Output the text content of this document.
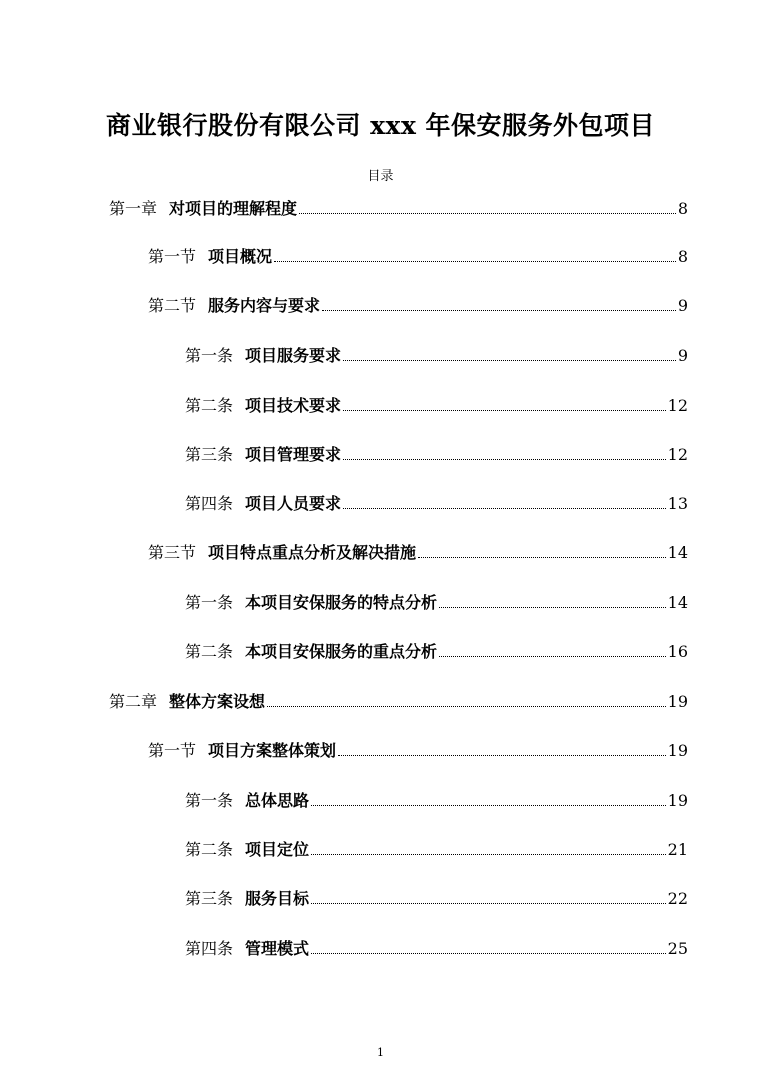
商业银行股份有限公司 xxx 年保安服务外包项目
目录
第一章 对项目的理解程度	8
第一节 项目概况	8
第二节 服务内容与要求	9
第一条 项目服务要求	9
第二条 项目技术要求	12
第三条 项目管理要求	12
第四条 项目人员要求	13
第三节 项目特点重点分析及解决措施	14
第一条 本项目安保服务的特点分析	14
第二条 本项目安保服务的重点分析	16
第二章 整体方案设想	19
第一节 项目方案整体策划	19
第一条 总体思路	19
第二条 项目定位	21
第三条 服务目标	22
第四条 管理模式	25
1
